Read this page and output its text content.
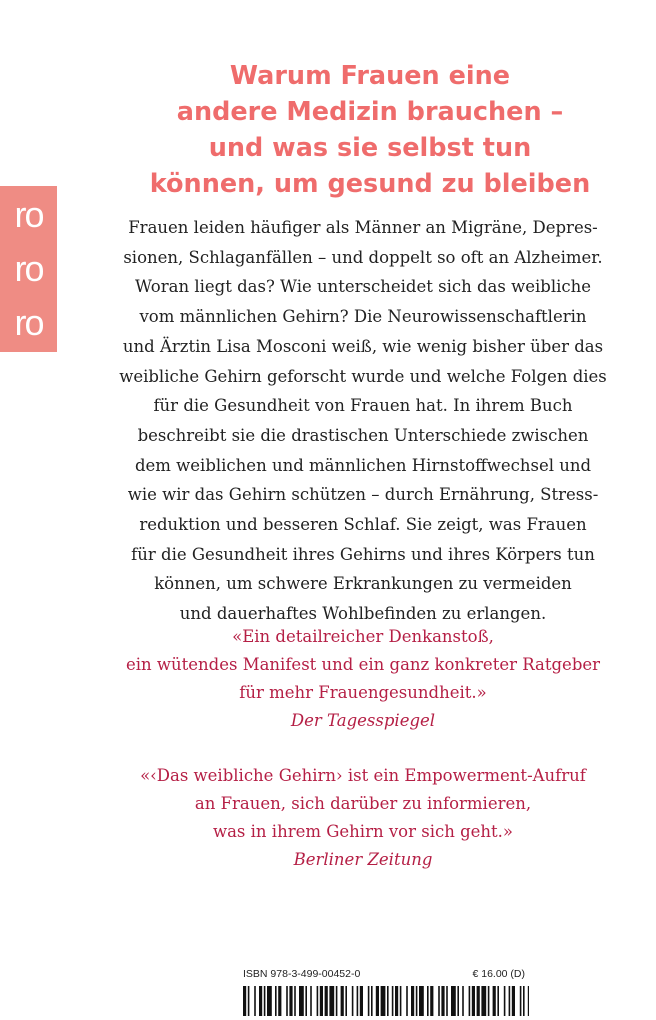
ro
ro
ro
Warum Frauen eine
andere Medizin brauchen –
und was sie selbst tun
können, um gesund zu bleiben

Frauen leiden häufiger als Männer an Migräne, Depres-
sionen, Schlaganfällen – und doppelt so oft an Alzheimer.
Woran liegt das? Wie unterscheidet sich das weibliche
vom männlichen Gehirn? Die Neurowissenschaftlerin
und Ärztin Lisa Mosconi weiß, wie wenig bisher über das
weibliche Gehirn geforscht wurde und welche Folgen dies
für die Gesundheit von Frauen hat. In ihrem Buch
beschreibt sie die drastischen Unterschiede zwischen
dem weiblichen und männlichen Hirnstoffwechsel und
wie wir das Gehirn schützen – durch Ernährung, Stress-
reduktion und besseren Schlaf. Sie zeigt, was Frauen
für die Gesundheit ihres Gehirns und ihres Körpers tun
können, um schwere Erkrankungen zu vermeiden
und dauerhaftes Wohlbefinden zu erlangen.

«Ein detailreicher Denkanstoß,
ein wütendes Manifest und ein ganz konkreter Ratgeber
für mehr Frauengesundheit.»
Der Tagesspiegel

«‹Das weibliche Gehirn› ist ein Empowerment-Aufruf
an Frauen, sich darüber zu informieren,
was in ihrem Gehirn vor sich geht.»
Berliner Zeitung

ISBN 978-3-499-00452-0	€ 16.00 (D)
